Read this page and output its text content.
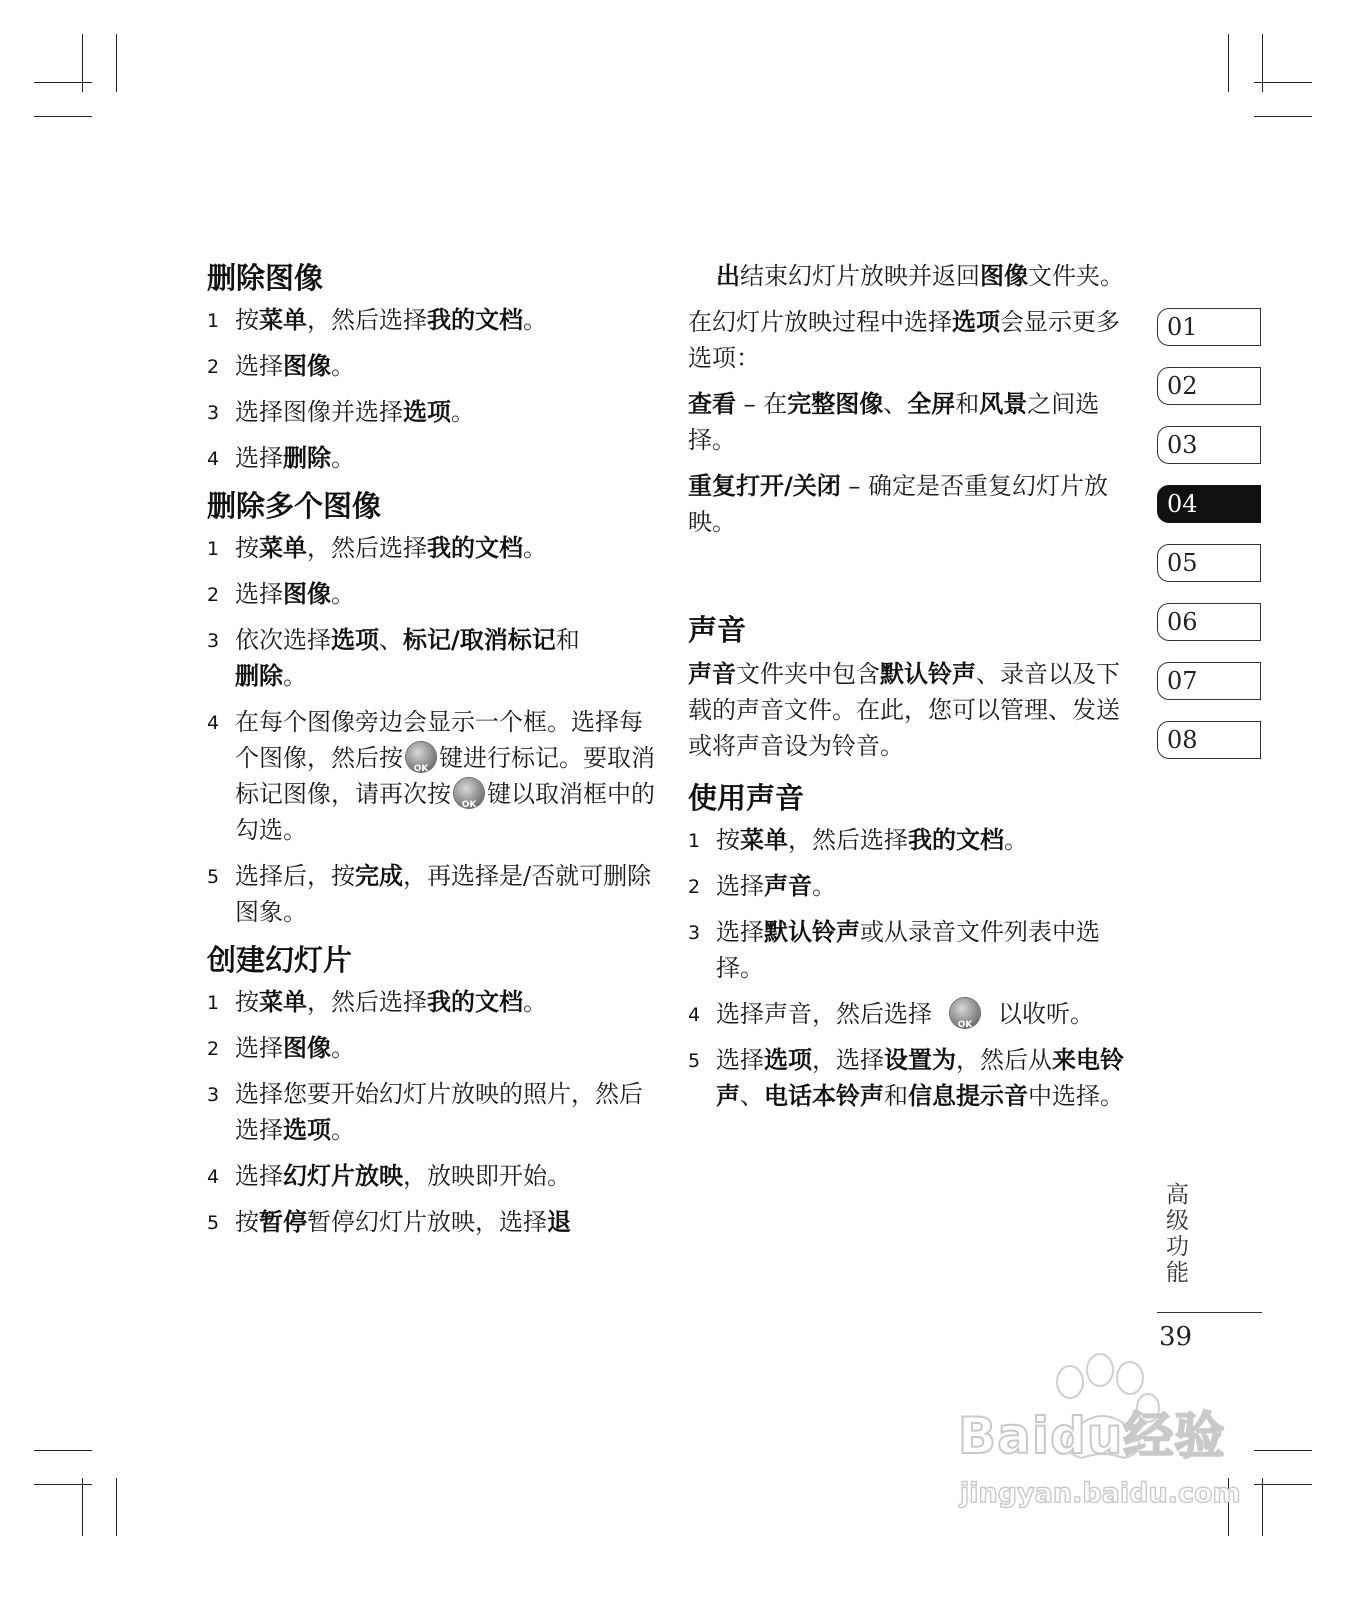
删除图像
1 按菜单，然后选择我的文档。
2 选择图像。
3 选择图像并选择选项。
4 选择删除。
删除多个图像
1 按菜单，然后选择我的文档。
2 选择图像。
3 依次选择选项、标记/取消标记和
删除。
4 在每个图像旁边会显示一个框。选择每个图像，然后按 OK 键进行标记。要取消标记图像，请再次按 OK 键以取消框中的勾选。
5 选择后，按完成，再选择是/否就可删除图象。
创建幻灯片
1 按菜单，然后选择我的文档。
2 选择图像。
3 选择您要开始幻灯片放映的照片，然后选择选项。
4 选择幻灯片放映，放映即开始。
5 按暂停暂停幻灯片放映，选择退

出结束幻灯片放映并返回图像文件夹。

在幻灯片放映过程中选择选项会显示更多选项：

查看 – 在完整图像、全屏和风景之间选择。

重复打开/关闭 – 确定是否重复幻灯片放映。

声音

声音文件夹中包含默认铃声、录音以及下载的声音文件。在此，您可以管理、发送或将声音设为铃音。

使用声音
1 按菜单，然后选择我的文档。
2 选择声音。
3 选择默认铃声或从录音文件列表中选择。
4 选择声音，然后选择 OK	以收听。
5 选择选项，选择设置为，然后从来电铃声、电话本铃声和信息提示音中选择。
01
02
03
04
05
06
07
08
高级功能
39
Baidu经验
jingyan.baidu.com
